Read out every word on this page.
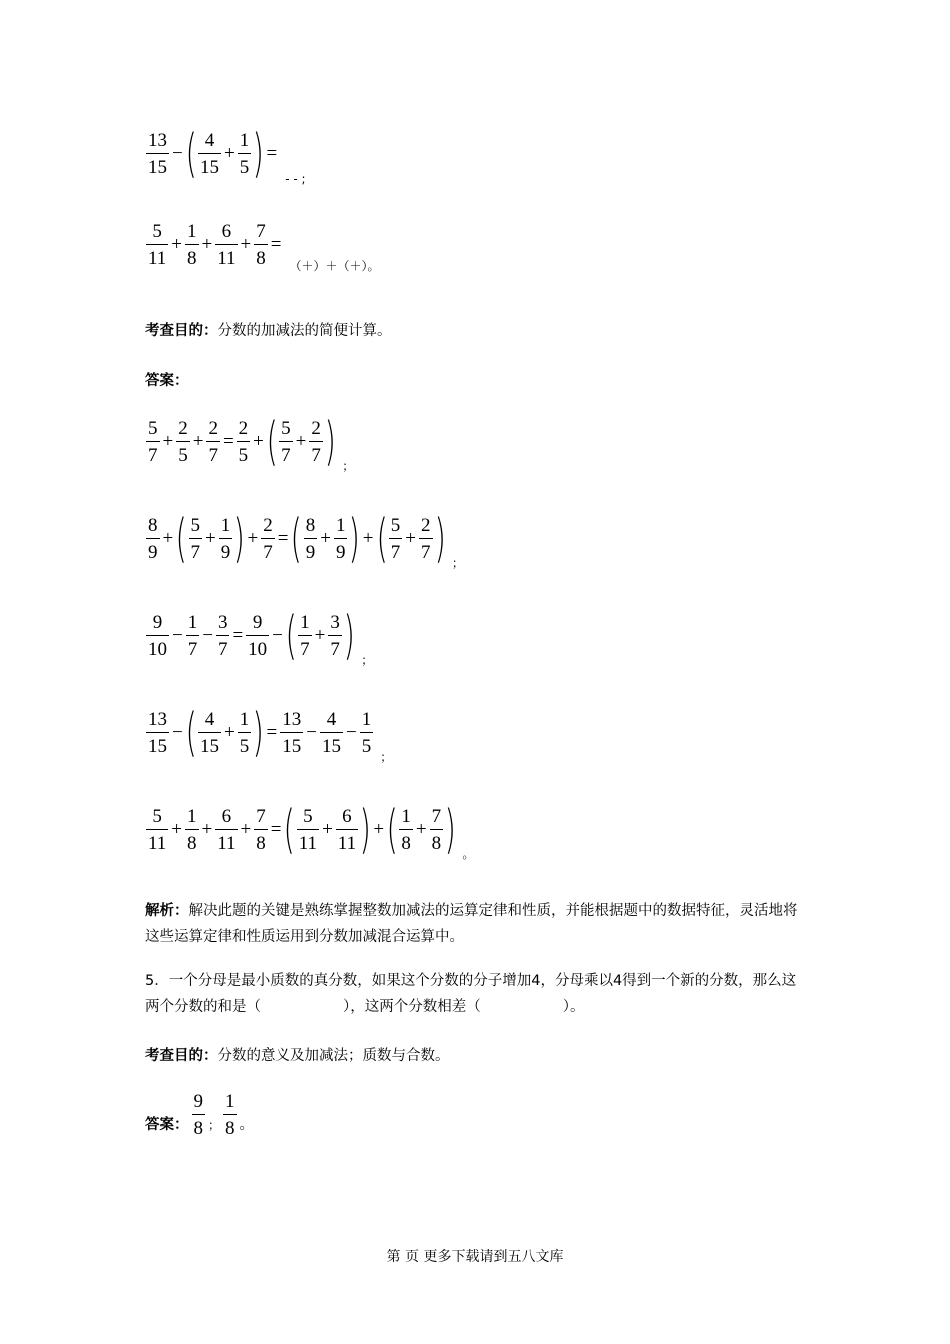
$\frac{13}{15}$ − ( $\frac{4}{15} + \frac{1}{5}$ ) =
- - ;
$\frac{5}{11} + \frac{1}{8} + \frac{6}{11} + \frac{7}{8}$ =
（＋）＋（＋）。
考查目的：分数的加减法的简便计算。
答案：
$\frac{5}{7} + \frac{2}{5} + \frac{2}{7} = \frac{2}{5}$ + ( $\frac{5}{7} + \frac{2}{7}$ ) ；
$\frac{8}{9}$ + ( $\frac{5}{7} + \frac{1}{9}$ ) + $\frac{2}{7}$ = ( $\frac{8}{9} + \frac{1}{9}$ ) + ( $\frac{5}{7} + \frac{2}{7}$ ) ；
$\frac{9}{10} - \frac{1}{7} - \frac{3}{7} = \frac{9}{10}$ − ( $\frac{1}{7} + \frac{3}{7}$ ) ；
$\frac{13}{15}$ − ( $\frac{4}{15} + \frac{1}{5}$ ) = $\frac{13}{15} - \frac{4}{15} - \frac{1}{5}$
；
$\frac{5}{11} + \frac{1}{8} + \frac{6}{11} + \frac{7}{8}$ = ( $\frac{5}{11} + \frac{6}{11}$ ) + ( $\frac{1}{8} + \frac{7}{8}$ ) 。
解析：解决此题的关键是熟练掌握整数加减法的运算定律和性质，并能根据题中的数据特征，灵活地将这些运算定律和性质运用到分数加减混合运算中。
5．一个分母是最小质数的真分数，如果这个分数的分子增加4，分母乘以4得到一个新的分数，那么这两个分数的和是（	），这两个分数相差（	）。
考查目的：分数的意义及加减法；质数与合数。
答案： $\frac{9}{8}$ ； $\frac{1}{8}$ 。
第 页 更多下载请到五八文库
